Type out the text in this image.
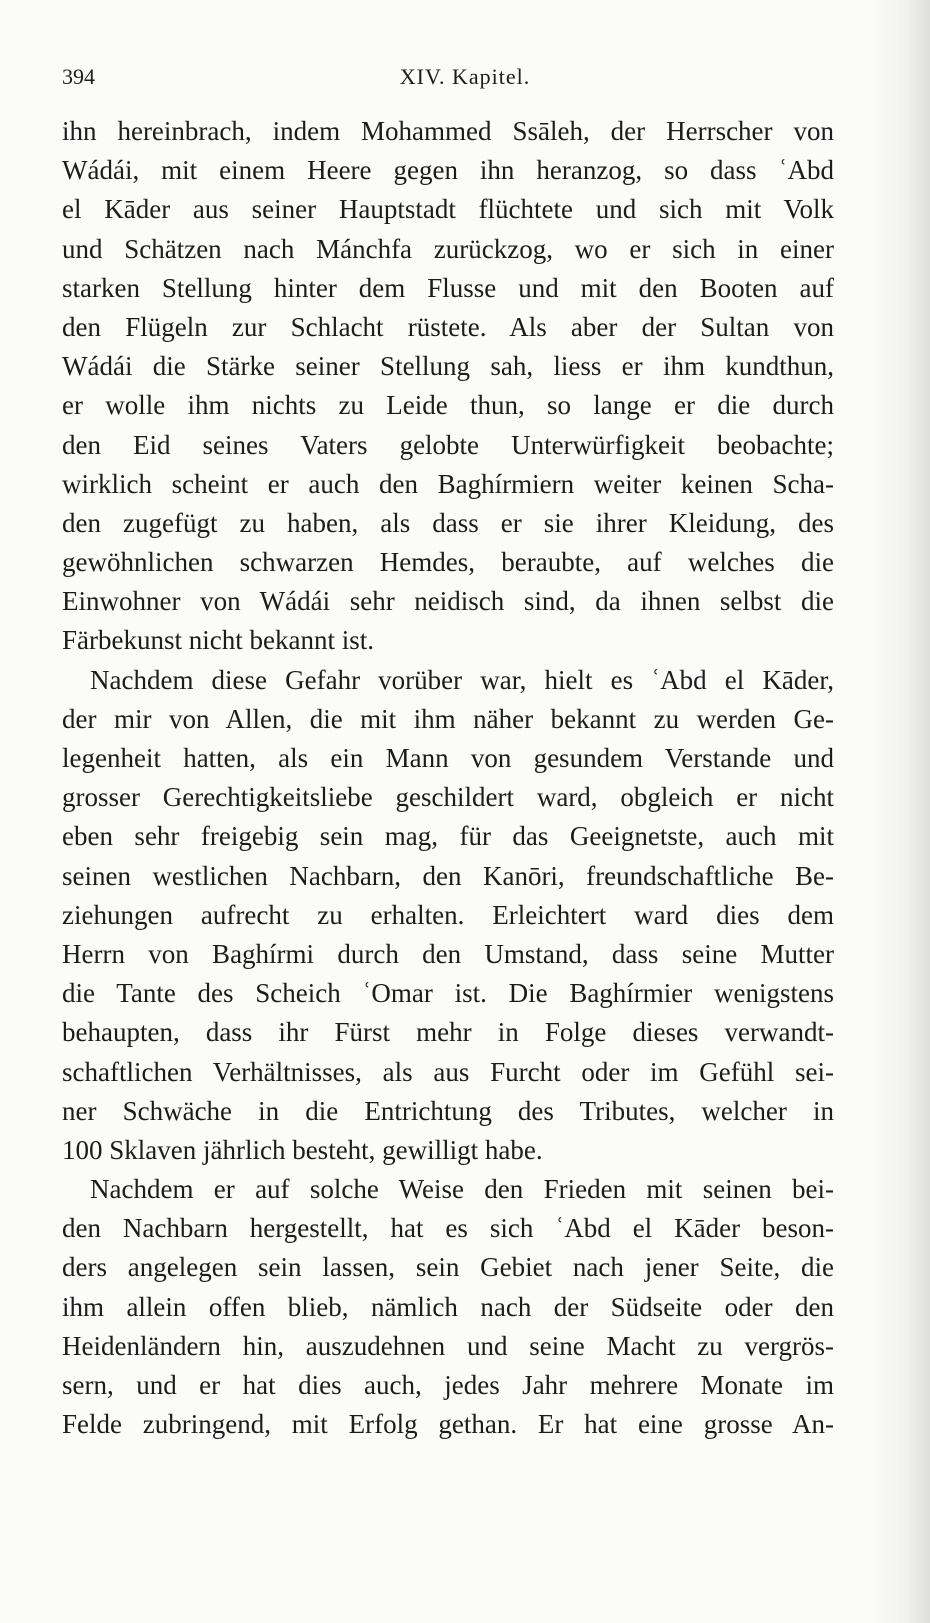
394	XIV. Kapitel.
ihn hereinbrach, indem Mohammed Ssāleh, der Herrscher von
Wádái, mit einem Heere gegen ihn heranzog, so dass ʿAbd
el Kāder aus seiner Hauptstadt flüchtete und sich mit Volk
und Schätzen nach Mánchfa zurückzog, wo er sich in einer
starken Stellung hinter dem Flusse und mit den Booten auf
den Flügeln zur Schlacht rüstete. Als aber der Sultan von
Wádái die Stärke seiner Stellung sah, liess er ihm kundthun,
er wolle ihm nichts zu Leide thun, so lange er die durch
den Eid seines Vaters gelobte Unterwürfigkeit beobachte;
wirklich scheint er auch den Baghírmiern weiter keinen Scha-
den zugefügt zu haben, als dass er sie ihrer Kleidung, des
gewöhnlichen schwarzen Hemdes, beraubte, auf welches die
Einwohner von Wádái sehr neidisch sind, da ihnen selbst die
Färbekunst nicht bekannt ist.
Nachdem diese Gefahr vorüber war, hielt es ʿAbd el Kāder,
der mir von Allen, die mit ihm näher bekannt zu werden Ge-
legenheit hatten, als ein Mann von gesundem Verstande und
grosser Gerechtigkeitsliebe geschildert ward, obgleich er nicht
eben sehr freigebig sein mag, für das Geeignetste, auch mit
seinen westlichen Nachbarn, den Kanōri, freundschaftliche Be-
ziehungen aufrecht zu erhalten. Erleichtert ward dies dem
Herrn von Baghírmi durch den Umstand, dass seine Mutter
die Tante des Scheich ʿOmar ist. Die Baghírmier wenigstens
behaupten, dass ihr Fürst mehr in Folge dieses verwandt-
schaftlichen Verhältnisses, als aus Furcht oder im Gefühl sei-
ner Schwäche in die Entrichtung des Tributes, welcher in
100 Sklaven jährlich besteht, gewilligt habe.
Nachdem er auf solche Weise den Frieden mit seinen bei-
den Nachbarn hergestellt, hat es sich ʿAbd el Kāder beson-
ders angelegen sein lassen, sein Gebiet nach jener Seite, die
ihm allein offen blieb, nämlich nach der Südseite oder den
Heidenländern hin, auszudehnen und seine Macht zu vergrös-
sern, und er hat dies auch, jedes Jahr mehrere Monate im
Felde zubringend, mit Erfolg gethan. Er hat eine grosse An-
